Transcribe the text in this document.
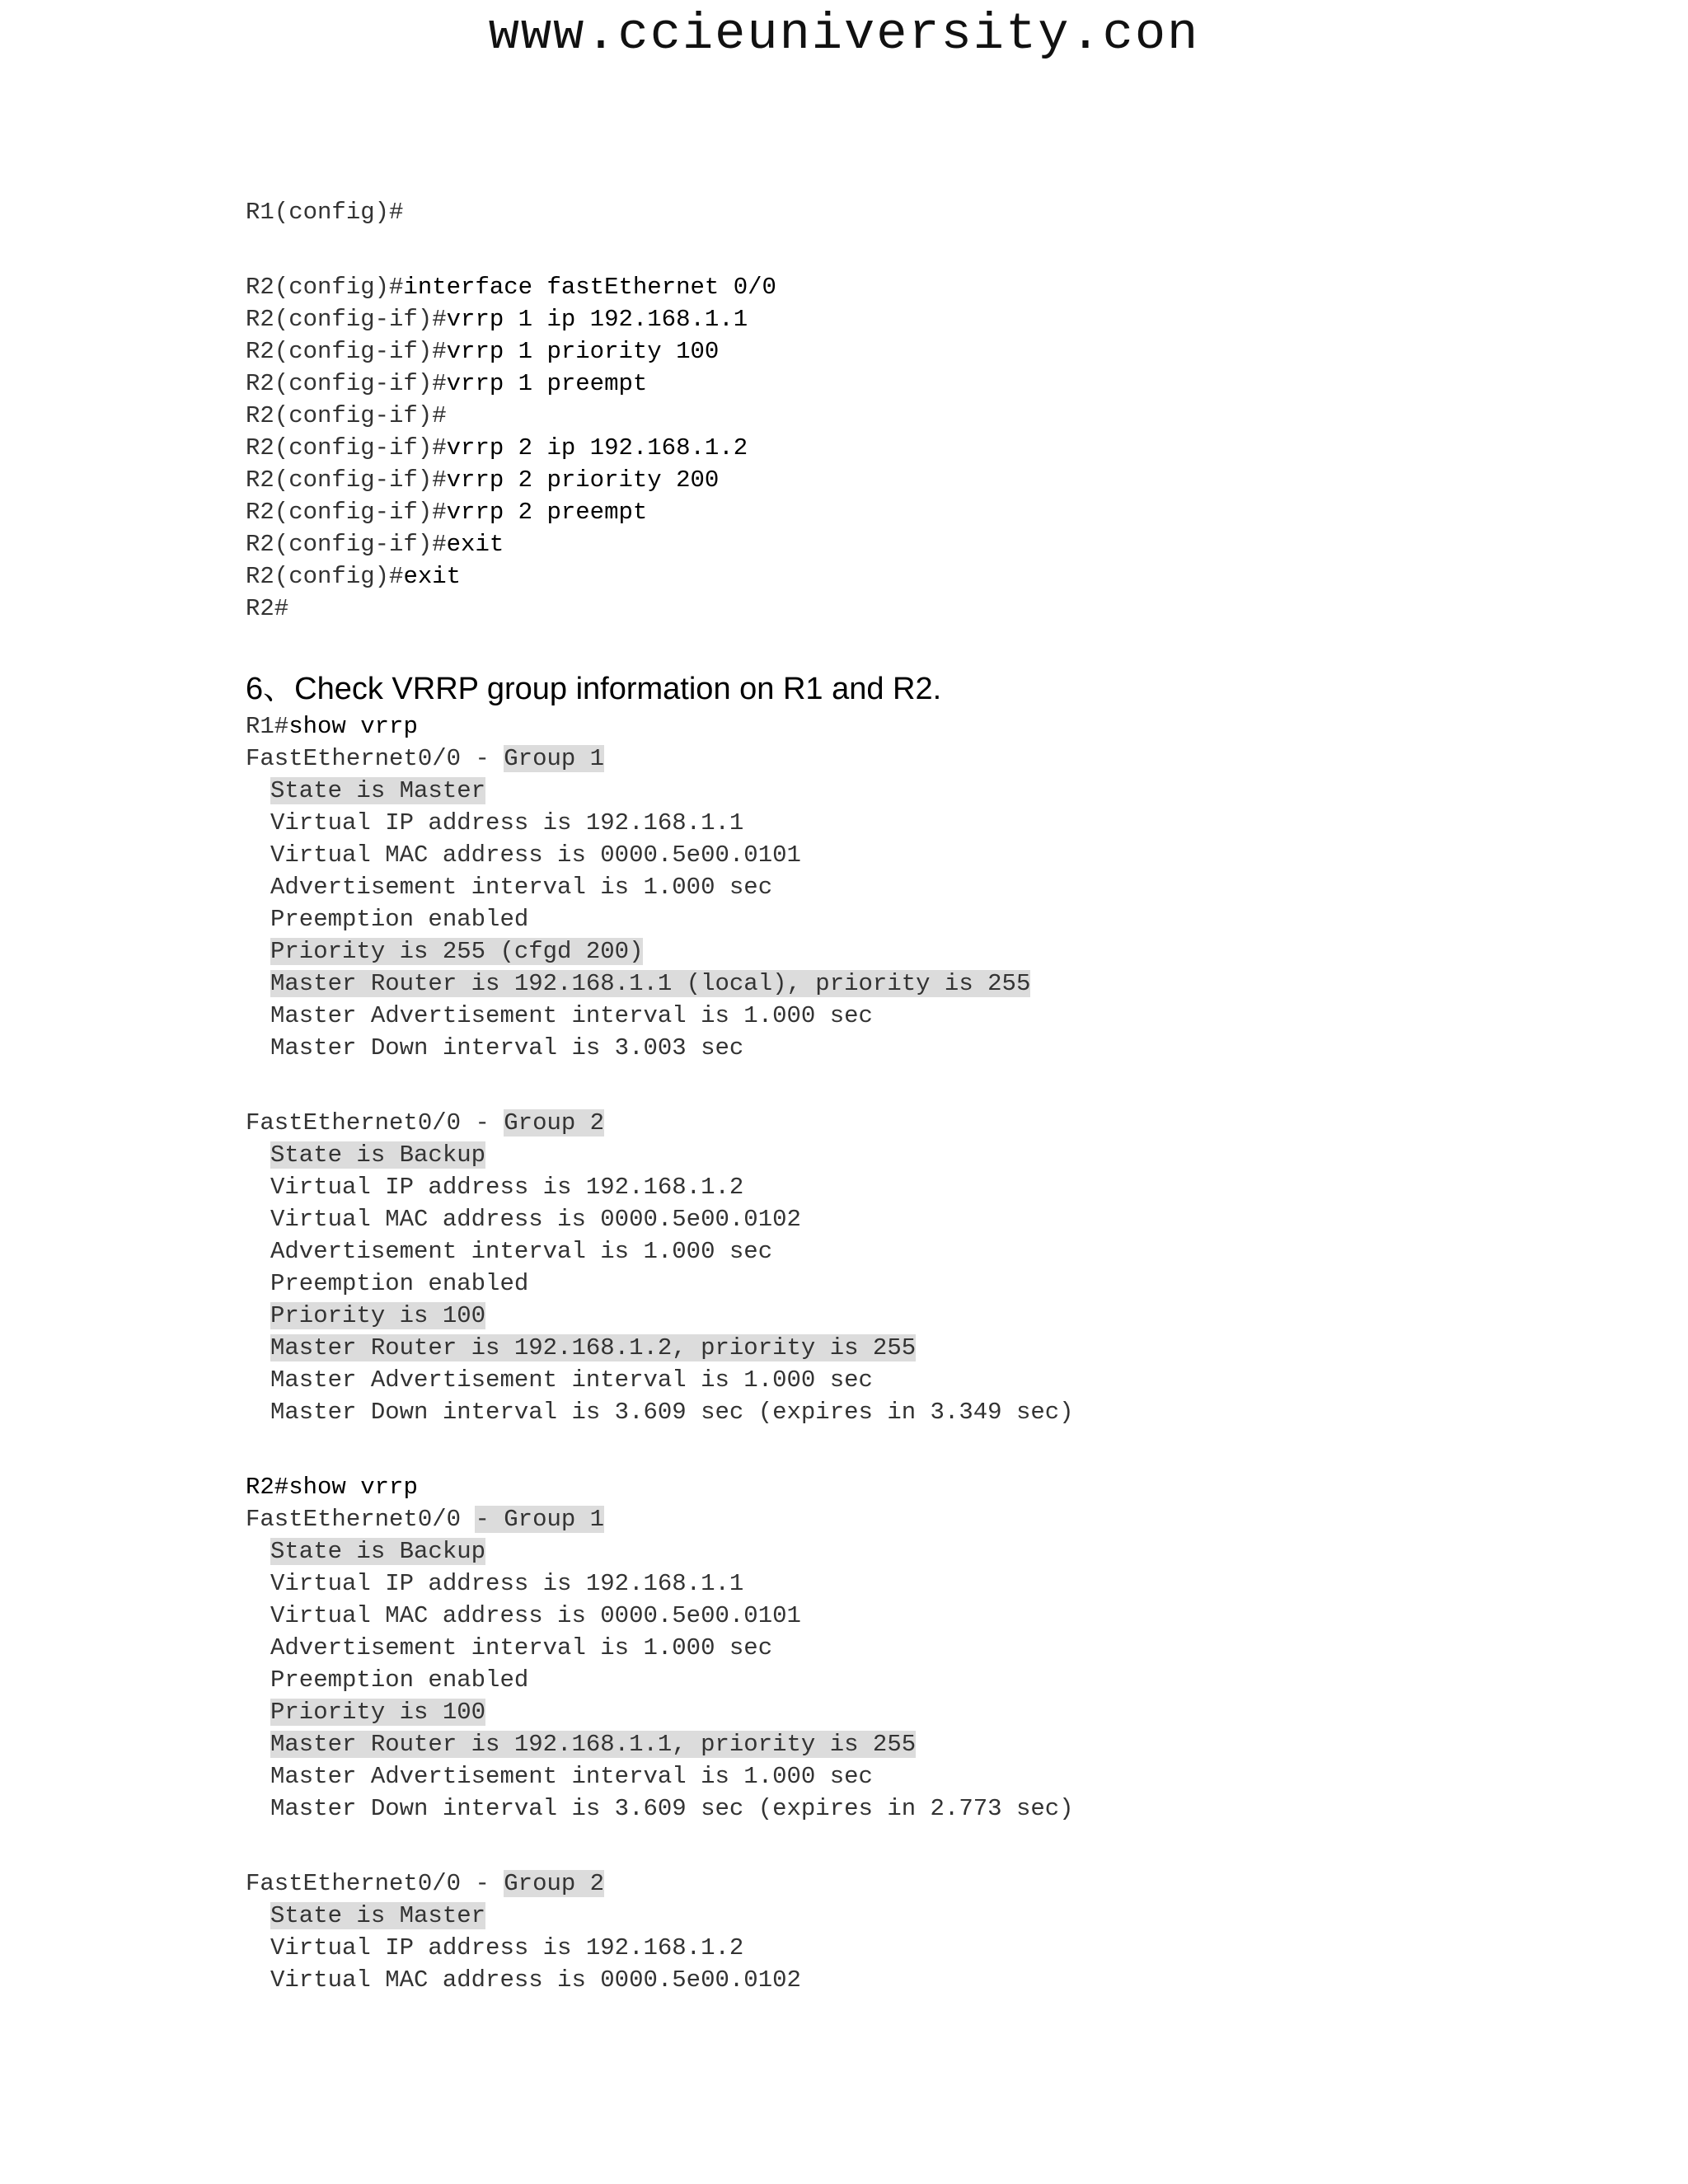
www.ccieuniversity.con
R1(config)#
R2(config)#interface fastEthernet 0/0
R2(config-if)#vrrp 1 ip 192.168.1.1
R2(config-if)#vrrp 1 priority 100
R2(config-if)#vrrp 1 preempt
R2(config-if)#
R2(config-if)#vrrp 2 ip 192.168.1.2
R2(config-if)#vrrp 2 priority 200
R2(config-if)#vrrp 2 preempt
R2(config-if)#exit
R2(config)#exit
R2#
6、Check VRRP group information on R1 and R2.
R1#show vrrp
FastEthernet0/0 - Group 1
State is Master
Virtual IP address is 192.168.1.1
Virtual MAC address is 0000.5e00.0101
Advertisement interval is 1.000 sec
Preemption enabled
Priority is 255 (cfgd 200)
Master Router is 192.168.1.1 (local), priority is 255
Master Advertisement interval is 1.000 sec
Master Down interval is 3.003 sec
FastEthernet0/0 - Group 2
State is Backup
Virtual IP address is 192.168.1.2
Virtual MAC address is 0000.5e00.0102
Advertisement interval is 1.000 sec
Preemption enabled
Priority is 100
Master Router is 192.168.1.2, priority is 255
Master Advertisement interval is 1.000 sec
Master Down interval is 3.609 sec (expires in 3.349 sec)
R2#show vrrp
FastEthernet0/0 - Group 1
State is Backup
Virtual IP address is 192.168.1.1
Virtual MAC address is 0000.5e00.0101
Advertisement interval is 1.000 sec
Preemption enabled
Priority is 100
Master Router is 192.168.1.1, priority is 255
Master Advertisement interval is 1.000 sec
Master Down interval is 3.609 sec (expires in 2.773 sec)
FastEthernet0/0 - Group 2
State is Master
Virtual IP address is 192.168.1.2
Virtual MAC address is 0000.5e00.0102
